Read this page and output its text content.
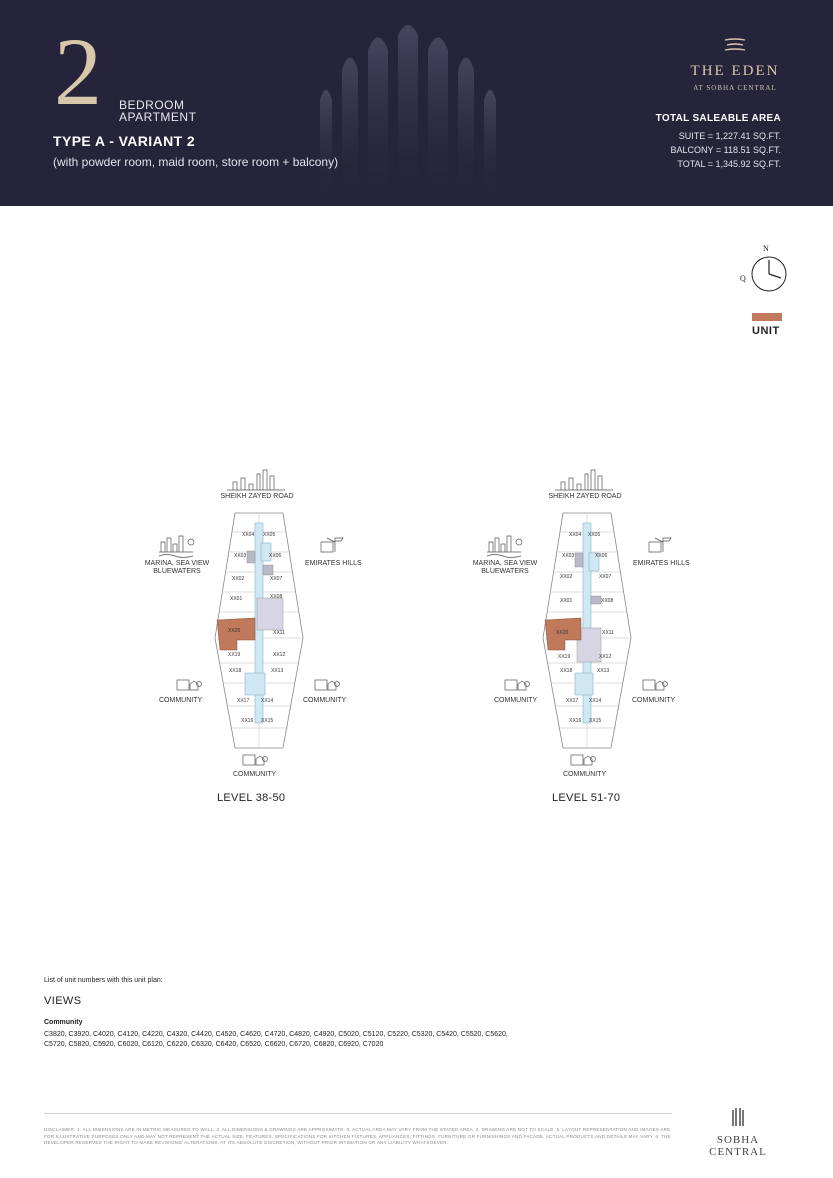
2 BEDROOM
APARTMENT
TYPE A - VARIANT 2
(with powder room, maid room, store room + balcony)
THE EDEN
AT SOBHA CENTRAL
TOTAL SALEABLE AREA
SUITE = 1,227.41 SQ.FT.
BALCONY = 118.51 SQ.FT.
TOTAL = 1,345.92 SQ.FT.
N
Q
UNIT
SHEIKH ZAYED ROAD
MARINA, SEA VIEW BLUEWATERS
EMIRATES HILLS
COMMUNITY	COMMUNITY
COMMUNITY
XX04 XX05
XX03	XX06
XX02	XX07
XX01	XX08
XX20	XX11
XX19	XX12
XX18	XX13
XX17 XX14
XX16 XX15
LEVEL 38-50
SHEIKH ZAYED ROAD
MARINA, SEA VIEW BLUEWATERS
EMIRATES HILLS
COMMUNITY	COMMUNITY
COMMUNITY
XX04 XX05
XX03	XX06
XX02	XX07
XX01	XX08
XX20	XX11
XX19	XX12
XX18	XX13
XX17 XX14
XX16 XX15
LEVEL 51-70
List of unit numbers with this unit plan:
VIEWS
Community
C3820, C3920, C4020, C4120, C4220, C4320, C4420, C4520, C4620, C4720, C4820, C4920, C5020, C5120, C5220, C5320, C5420, C5520, C5620, C5720, C5820, C5920, C6020, C6120, C6220, C6320, C6420, C6520, C6620, C6720, C6820, C6920, C7020
DISCLAIMER: 1. ALL DIMENSIONS ARE IN METRIC MEASURED TO WALL. 2. ALL DIMENSIONS & DRAWINGS ARE APPROXIMATE. 3. ACTUAL AREA MAY VARY FROM THE STATED AREA. 4. DRAWING ARE NOT TO SCALE. 5. LAYOUT REPRESENTATION AND IMAGES ARE FOR ILLUSTRATIVE PURPOSES ONLY AND MAY NOT REPRESENT THE ACTUAL SIZE, FEATURES, SPECIFICATIONS FOR KITCHEN FIXTURES, APPLIANCES, FITTINGS, FURNITURE OR FURNISHINGS AND FACADE. ACTUAL PRODUCTS AND DETAILS MAY VARY. 6. THE DEVELOPER RESERVES THE RIGHT TO MAKE REVISIONS/ ALTERATIONS, AT ITS ABSOLUTE DISCRETION, WITHOUT PRIOR INTIMATION OR ANY LIABILITY WHATSOEVER.	SOBHA CENTRAL
